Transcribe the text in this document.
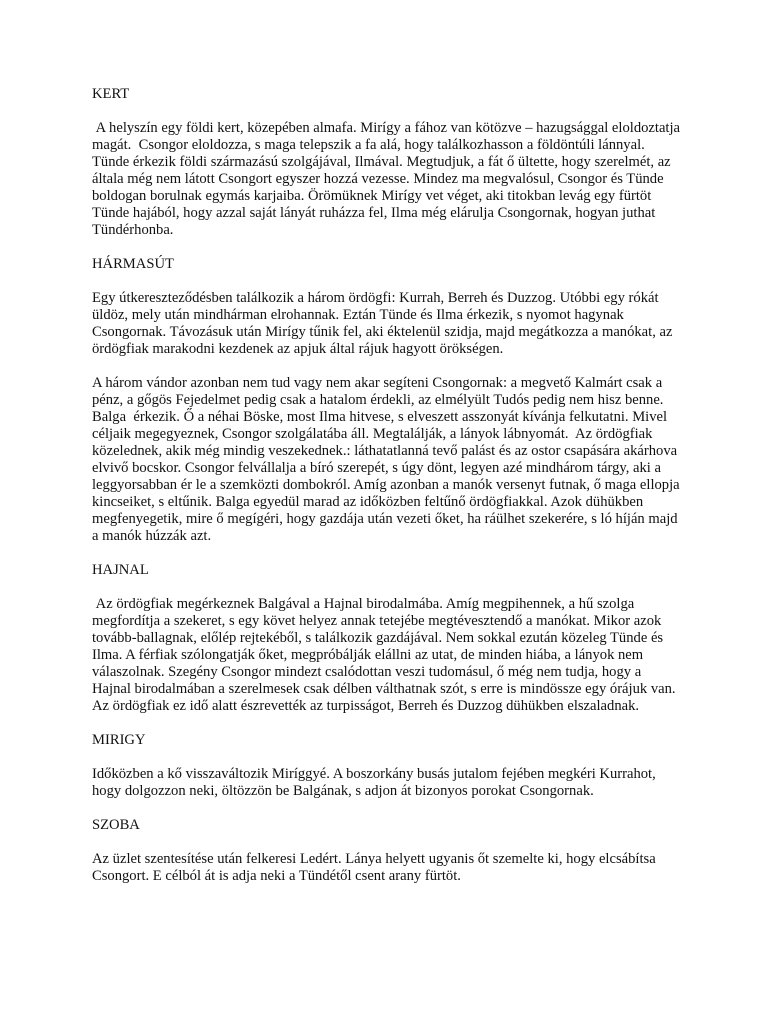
KERT

A helyszín egy földi kert, közepében almafa. Mirígy a fához van kötözve – hazugsággal eloldoztatja magát.  Csongor eloldozza, s maga telepszik a fa alá, hogy találkozhasson a földöntúli lánnyal. Tünde érkezik földi származású szolgájával, Ilmával. Megtudjuk, a fát ő ültette, hogy szerelmét, az általa még nem látott Csongort egyszer hozzá vezesse. Mindez ma megvalósul, Csongor és Tünde boldogan borulnak egymás karjaiba. Örömüknek Mirígy vet véget, aki titokban levág egy fürtöt Tünde hajából, hogy azzal saját lányát ruházza fel, Ilma még elárulja Csongornak, hogyan juthat Tündérhonba.

HÁRMASÚT

Egy útkereszteződésben találkozik a három ördögfi: Kurrah, Berreh és Duzzog. Utóbbi egy rókát üldöz, mely után mindhárman elrohannak. Eztán Tünde és Ilma érkezik, s nyomot hagynak Csongornak. Távozásuk után Mirígy tűnik fel, aki éktelenül szidja, majd megátkozza a manókat, az ördögfiak marakodni kezdenek az apjuk által rájuk hagyott örökségen.

A három vándor azonban nem tud vagy nem akar segíteni Csongornak: a megvető Kalmárt csak a pénz, a gőgös Fejedelmet pedig csak a hatalom érdekli, az elmélyült Tudós pedig nem hisz benne. Balga  érkezik. Ő a néhai Böske, most Ilma hitvese, s elveszett asszonyát kívánja felkutatni. Mivel céljaik megegyeznek, Csongor szolgálatába áll. Megtalálják, a lányok lábnyomát.  Az ördögfiak közelednek, akik még mindig veszekednek.: láthatatlanná tevő palást és az ostor csapására akárhova elvivő bocskor. Csongor felvállalja a bíró szerepét, s úgy dönt, legyen azé mindhárom tárgy, aki a leggyorsabban ér le a szemközti dombokról. Amíg azonban a manók versenyt futnak, ő maga ellopja kincseiket, s eltűnik. Balga egyedül marad az időközben feltűnő ördögfiakkal. Azok dühükben megfenyegetik, mire ő megígéri, hogy gazdája után vezeti őket, ha ráülhet szekerére, s ló híján majd a manók húzzák azt.

HAJNAL

Az ördögfiak megérkeznek Balgával a Hajnal birodalmába. Amíg megpihennek, a hű szolga megfordítja a szekeret, s egy követ helyez annak tetejébe megtévesztendő a manókat. Mikor azok tovább-ballagnak, előlép rejtekéből, s találkozik gazdájával. Nem sokkal ezután közeleg Tünde és Ilma. A férfiak szólongatják őket, megpróbálják elállni az utat, de minden hiába, a lányok nem válaszolnak. Szegény Csongor mindezt csalódottan veszi tudomásul, ő még nem tudja, hogy a Hajnal birodalmában a szerelmesek csak délben válthatnak szót, s erre is mindössze egy órájuk van. Az ördögfiak ez idő alatt észrevették az turpisságot, Berreh és Duzzog dühükben elszaladnak.

MIRIGY

Időközben a kő visszaváltozik Miríggyé. A boszorkány busás jutalom fejében megkéri Kurrahot, hogy dolgozzon neki, öltözzön be Balgának, s adjon át bizonyos porokat Csongornak.

SZOBA

Az üzlet szentesítése után felkeresi Ledért. Lánya helyett ugyanis őt szemelte ki, hogy elcsábítsa Csongort. E célból át is adja neki a Tündétől csent arany fürtöt.
